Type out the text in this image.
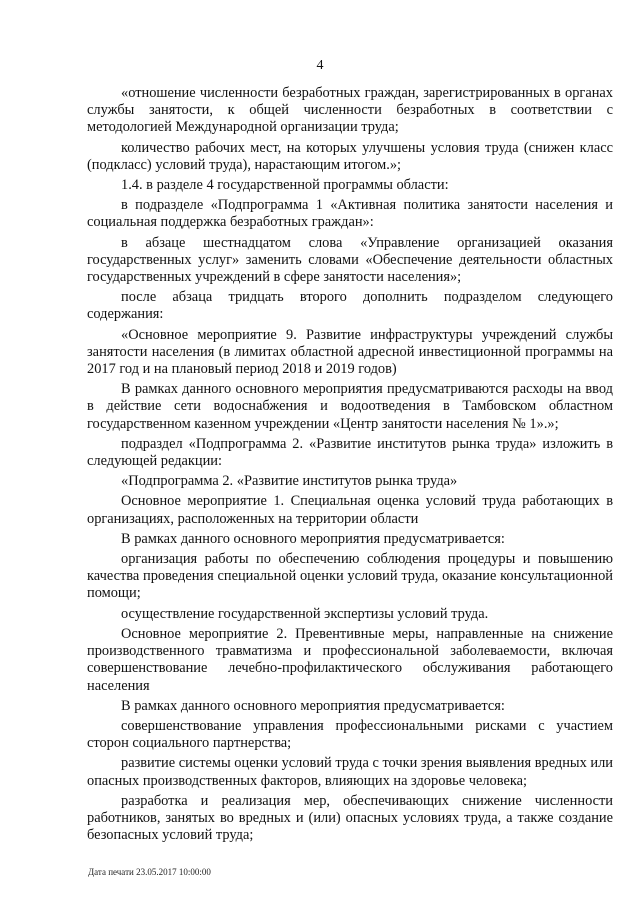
4

«отношение численности безработных граждан, зарегистрированных в органах службы занятости, к общей численности безработных в соответствии с методологией Международной организации труда;

количество рабочих мест, на которых улучшены условия труда (снижен класс (подкласс) условий труда), нарастающим итогом.»;

1.4. в разделе 4 государственной программы области:

в подразделе «Подпрограмма 1 «Активная политика занятости населения и социальная поддержка безработных граждан»:

в абзаце шестнадцатом слова «Управление организацией оказания государственных услуг» заменить словами «Обеспечение деятельности областных государственных учреждений в сфере занятости населения»;

после абзаца тридцать второго дополнить подразделом следующего содержания:

«Основное мероприятие 9. Развитие инфраструктуры учреждений службы занятости населения (в лимитах областной адресной инвестиционной программы на 2017 год и на плановый период 2018 и 2019 годов)

В рамках данного основного мероприятия предусматриваются расходы на ввод в действие сети водоснабжения и водоотведения в Тамбовском областном государственном казенном учреждении «Центр занятости населения № 1».»;

подраздел «Подпрограмма 2. «Развитие институтов рынка труда» изложить в следующей редакции:

«Подпрограмма 2. «Развитие институтов рынка труда»

Основное мероприятие 1. Специальная оценка условий труда работающих в организациях, расположенных на территории области

В рамках данного основного мероприятия предусматривается:

организация работы по обеспечению соблюдения процедуры и повышению качества проведения специальной оценки условий труда, оказание консультационной помощи;

осуществление государственной экспертизы условий труда.

Основное мероприятие 2. Превентивные меры, направленные на снижение производственного травматизма и профессиональной заболеваемости, включая совершенствование лечебно-профилактического обслуживания работающего населения

В рамках данного основного мероприятия предусматривается:

совершенствование управления профессиональными рисками с участием сторон социального партнерства;

развитие системы оценки условий труда с точки зрения выявления вредных или опасных производственных факторов, влияющих на здоровье человека;

разработка и реализация мер, обеспечивающих снижение численности работников, занятых во вредных и (или) опасных условиях труда, а также создание безопасных условий труда;

Дата печати 23.05.2017 10:00:00
